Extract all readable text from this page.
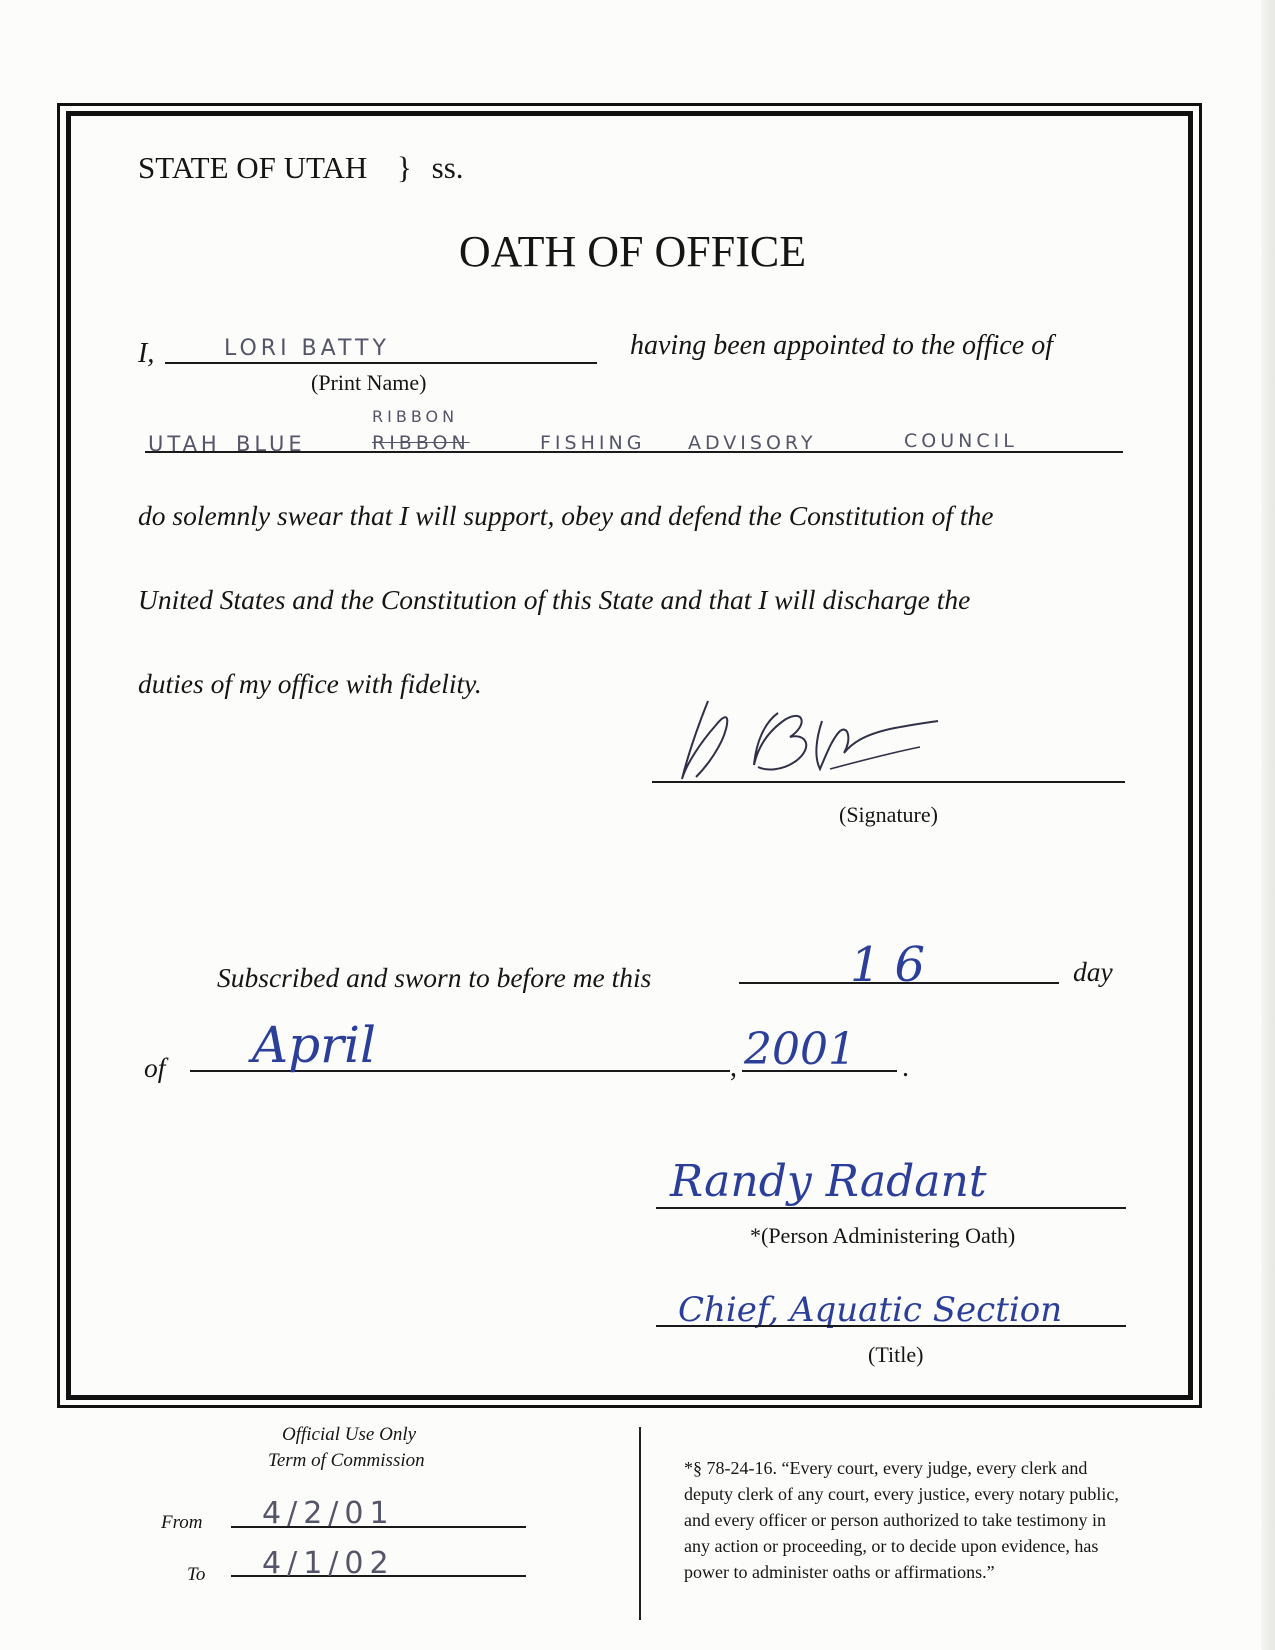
STATE OF UTAH } ss.
OATH OF OFFICE
I,	LORI BATTY	having been appointed to the office of
(Print Name)
RIBBON
UTAH BLUE	RIBBON	FISHING ADVISORY	COUNCIL
do solemnly swear that I will support, obey and defend the Constitution of the
United States and the Constitution of this State and that I will discharge the
duties of my office with fidelity.
(Signature)
Subscribed and sworn to before me this	16	day
of April	, 2001 .
Randy Radant
*(Person Administering Oath)
Chief, Aquatic Section
(Title)
Official Use Only
Term of Commission
From 4/2/01
To 4/1/02
*§ 78-24-16. “Every court, every judge, every clerk and
deputy clerk of any court, every justice, every notary public,
and every officer or person authorized to take testimony in
any action or proceeding, or to decide upon evidence, has
power to administer oaths or affirmations.”
